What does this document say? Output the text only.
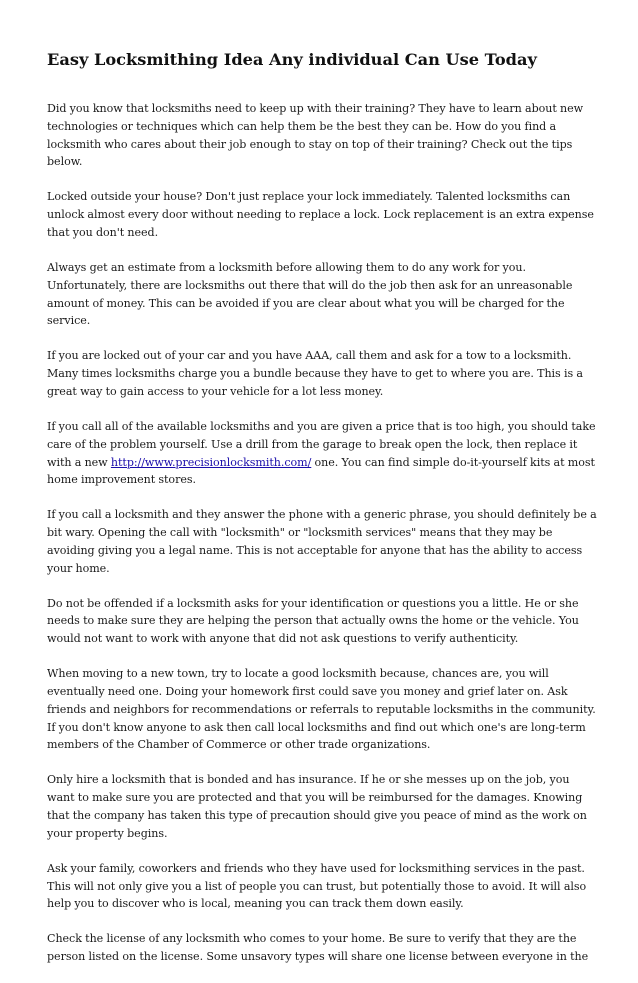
Easy Locksmithing Idea Any individual Can Use Today

Did you know that locksmiths need to keep up with their training? They have to learn about new technologies or techniques which can help them be the best they can be. How do you find a locksmith who cares about their job enough to stay on top of their training? Check out the tips below.

Locked outside your house? Don't just replace your lock immediately. Talented locksmiths can unlock almost every door without needing to replace a lock. Lock replacement is an extra expense that you don't need.

Always get an estimate from a locksmith before allowing them to do any work for you. Unfortunately, there are locksmiths out there that will do the job then ask for an unreasonable amount of money. This can be avoided if you are clear about what you will be charged for the service.

If you are locked out of your car and you have AAA, call them and ask for a tow to a locksmith. Many times locksmiths charge you a bundle because they have to get to where you are. This is a great way to gain access to your vehicle for a lot less money.

If you call all of the available locksmiths and you are given a price that is too high, you should take care of the problem yourself. Use a drill from the garage to break open the lock, then replace it with a new http://www.precisionlocksmith.com/ one. You can find simple do-it-yourself kits at most home improvement stores.

If you call a locksmith and they answer the phone with a generic phrase, you should definitely be a bit wary. Opening the call with "locksmith" or "locksmith services" means that they may be avoiding giving you a legal name. This is not acceptable for anyone that has the ability to access your home.

Do not be offended if a locksmith asks for your identification or questions you a little. He or she needs to make sure they are helping the person that actually owns the home or the vehicle. You would not want to work with anyone that did not ask questions to verify authenticity.

When moving to a new town, try to locate a good locksmith because, chances are, you will eventually need one. Doing your homework first could save you money and grief later on. Ask friends and neighbors for recommendations or referrals to reputable locksmiths in the community. If you don't know anyone to ask then call local locksmiths and find out which one's are long-term members of the Chamber of Commerce or other trade organizations.

Only hire a locksmith that is bonded and has insurance. If he or she messes up on the job, you want to make sure you are protected and that you will be reimbursed for the damages. Knowing that the company has taken this type of precaution should give you peace of mind as the work on your property begins.

Ask your family, coworkers and friends who they have used for locksmithing services in the past. This will not only give you a list of people you can trust, but potentially those to avoid. It will also help you to discover who is local, meaning you can track them down easily.

Check the license of any locksmith who comes to your home. Be sure to verify that they are the person listed on the license. Some unsavory types will share one license between everyone in the
